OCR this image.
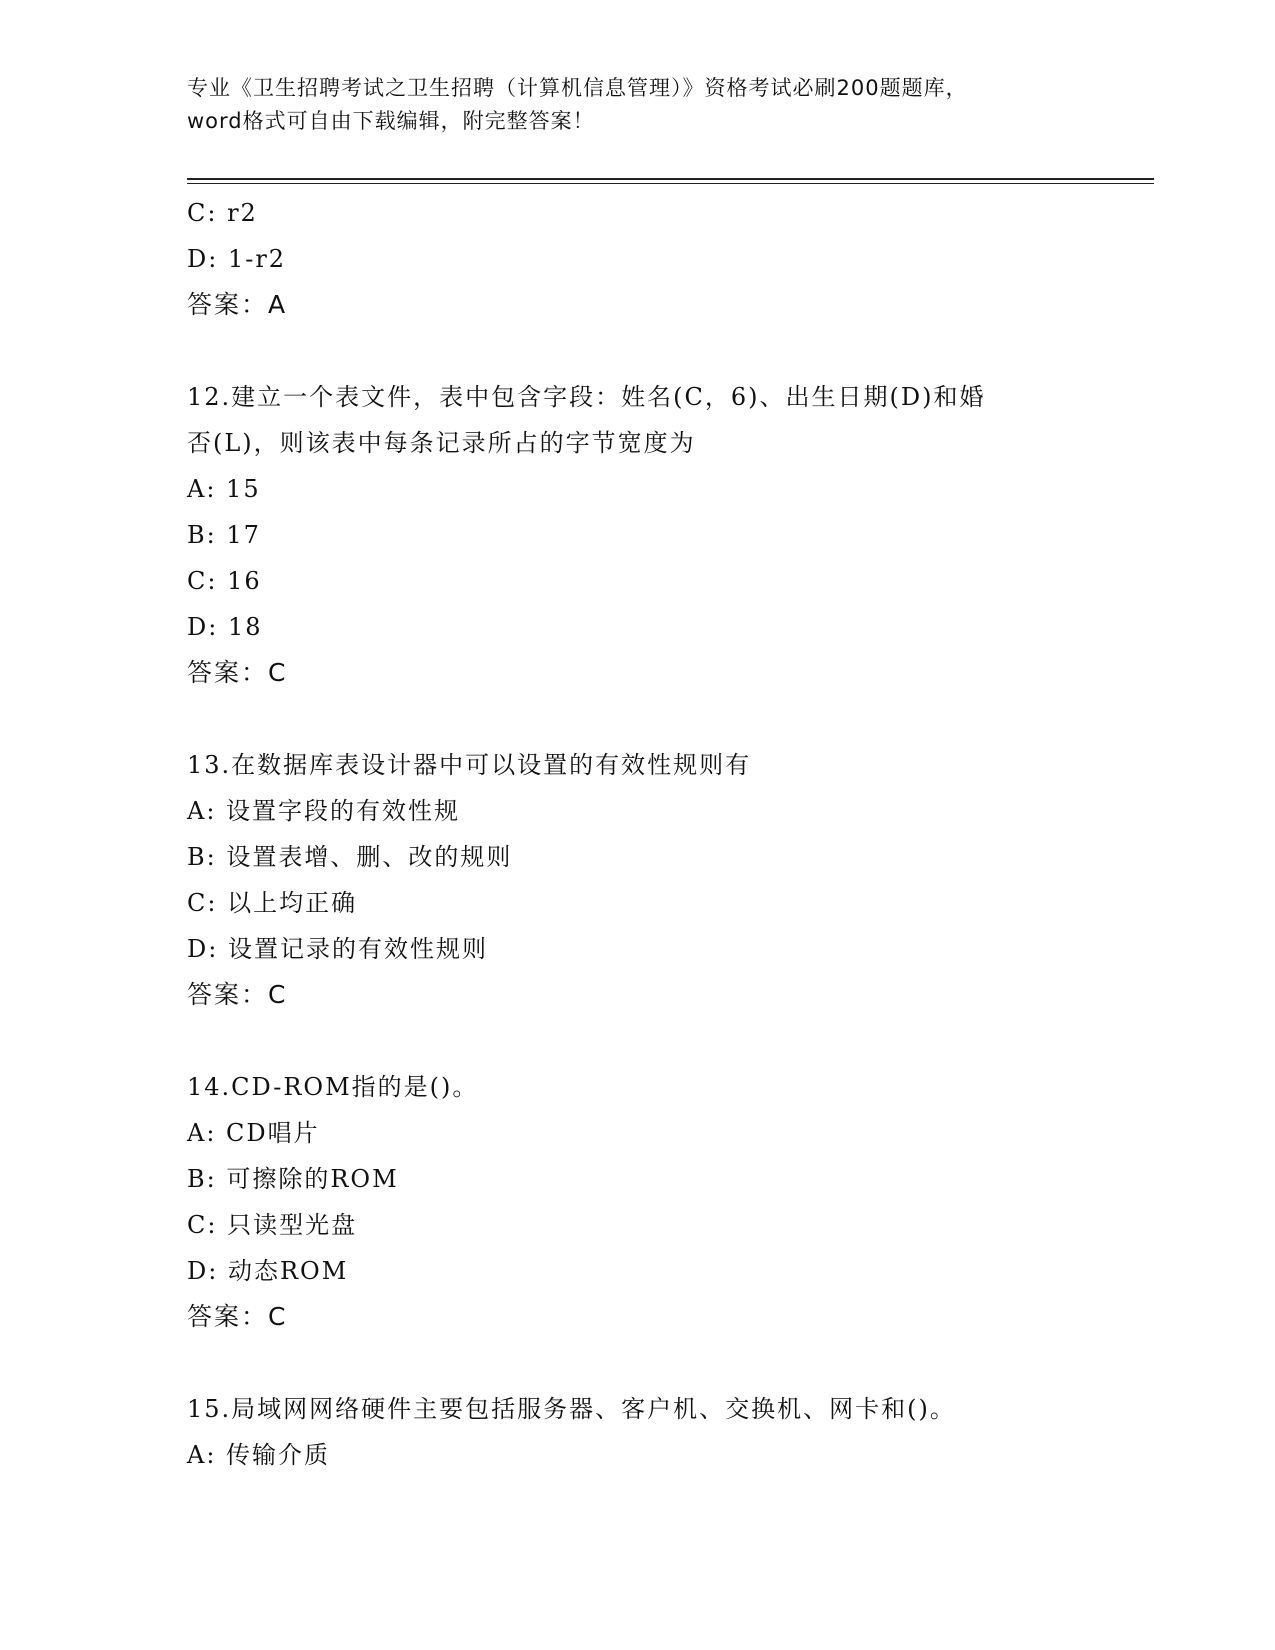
专业《卫生招聘考试之卫生招聘（计算机信息管理）》资格考试必刷200题题库，
word格式可自由下载编辑，附完整答案！
C: r2
D: 1-r2
答案：A
12.建立一个表文件，表中包含字段：姓名(C，6)、出生日期(D)和婚
否(L)，则该表中每条记录所占的字节宽度为
A: 15
B: 17
C: 16
D: 18
答案：C
13.在数据库表设计器中可以设置的有效性规则有
A: 设置字段的有效性规
B: 设置表增、删、改的规则
C: 以上均正确
D: 设置记录的有效性规则
答案：C
14.CD-ROM指的是()。
A: CD唱片
B: 可擦除的ROM
C: 只读型光盘
D: 动态ROM
答案：C
15.局域网网络硬件主要包括服务器、客户机、交换机、网卡和()。
A: 传输介质
